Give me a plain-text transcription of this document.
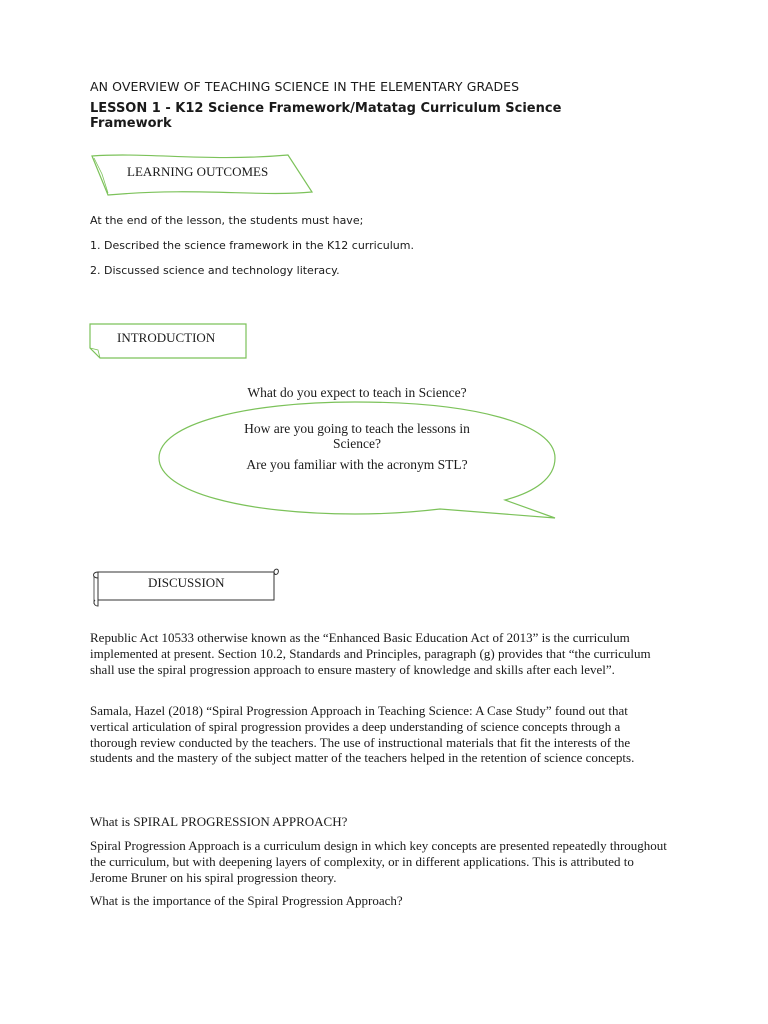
AN OVERVIEW OF TEACHING SCIENCE IN THE ELEMENTARY GRADES
LESSON 1 - K12 Science Framework/Matatag Curriculum Science Framework
LEARNING OUTCOMES
At the end of the lesson, the students must have;
1. Described the science framework in the K12 curriculum.
2. Discussed science and technology literacy.
INTRODUCTION
What do you expect to teach in Science?
How are you going to teach the lessons in Science?
Are you familiar with the acronym STL?
DISCUSSION
Republic Act 10533 otherwise known as the “Enhanced Basic Education Act of 2013” is the curriculum implemented at present. Section 10.2, Standards and Principles, paragraph (g) provides that “the curriculum shall use the spiral progression approach to ensure mastery of knowledge and skills after each level”.
Samala, Hazel (2018) “Spiral Progression Approach in Teaching Science: A Case Study” found out that vertical articulation of spiral progression provides a deep understanding of science concepts through a thorough review conducted by the teachers. The use of instructional materials that fit the interests of the students and the mastery of the subject matter of the teachers helped in the retention of science concepts.
What is SPIRAL PROGRESSION APPROACH?
Spiral Progression Approach is a curriculum design in which key concepts are presented repeatedly throughout the curriculum, but with deepening layers of complexity, or in different applications. This is attributed to Jerome Bruner on his spiral progression theory.
What is the importance of the Spiral Progression Approach?
